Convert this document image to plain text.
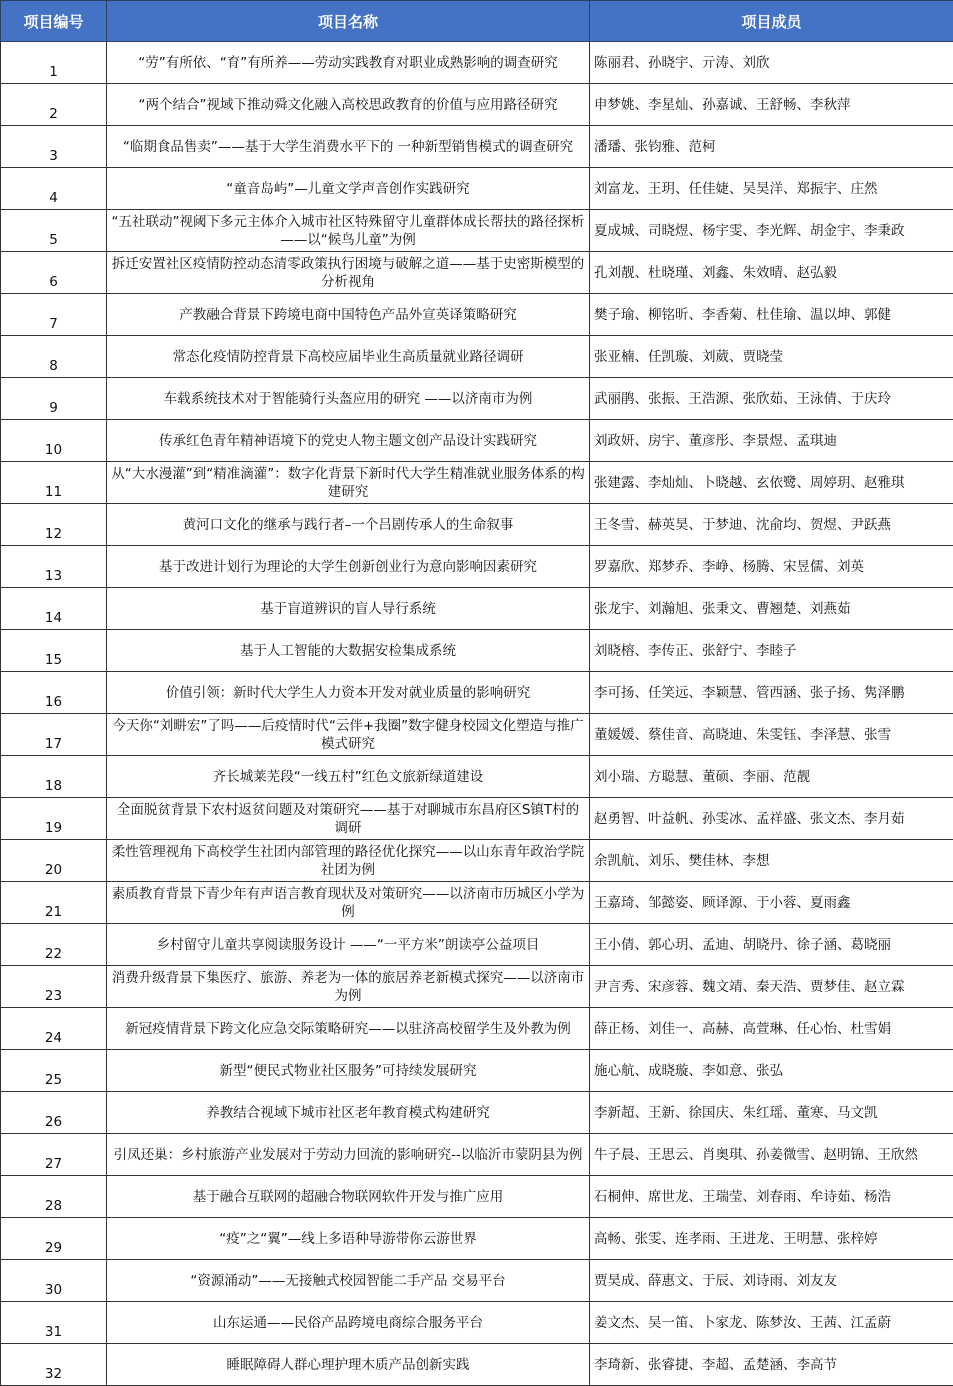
项目编号	项目名称	项目成员
1	“劳”有所依、“育”有所养——劳动实践教育对职业成熟影响的调查研究	陈丽君、孙晓宇、亓涛、刘欣
2	“两个结合”视域下推动舜文化融入高校思政教育的价值与应用路径研究	申梦姚、李星灿、孙嘉诚、王舒畅、李秋萍
3	“临期食品售卖”——基于大学生消费水平下的 一种新型销售模式的调查研究	潘璠、张钧雅、范柯
4	“童音岛屿”—儿童文学声音创作实践研究	刘富龙、王玥、任佳婕、吴昊洋、郑振宇、庄然
5	“五社联动”视阈下多元主体介入城市社区特殊留守儿童群体成长帮扶的路径探析——以“候鸟儿童”为例	夏成城、司晓煜、杨宇雯、李光辉、胡金宇、李秉政
6	拆迁安置社区疫情防控动态清零政策执行困境与破解之道——基于史密斯模型的分析视角	孔刘靓、杜晓瑾、刘鑫、朱效晴、赵弘毅
7	产教融合背景下跨境电商中国特色产品外宣英译策略研究	樊子瑜、柳铭昕、李香菊、杜佳瑜、温以坤、郭健
8	常态化疫情防控背景下高校应届毕业生高质量就业路径调研	张亚楠、任凯璇、刘葳、贾晓莹
9	车载系统技术对于智能骑行头盔应用的研究 ——以济南市为例	武丽鹃、张振、王浩源、张欣茹、王泳倩、于庆玲
10	传承红色青年精神语境下的党史人物主题文创产品设计实践研究	刘政妍、房宇、董彦彤、李景煜、孟琪迪
11	从“大水漫灌”到“精准滴灌”：数字化背景下新时代大学生精准就业服务体系的构建研究	张建露、李灿灿、卜晓越、玄依鹭、周婷玥、赵雅琪
12	黄河口文化的继承与践行者–一个吕剧传承人的生命叙事	王冬雪、赫英昊、于梦迪、沈俞均、贺煜、尹跃燕
13	基于改进计划行为理论的大学生创新创业行为意向影响因素研究	罗嘉欣、郑梦乔、李峥、杨腾、宋昱儒、刘英
14	基于盲道辨识的盲人导行系统	张龙宇、刘瀚旭、张秉文、曹翘楚、刘燕茹
15	基于人工智能的大数据安检集成系统	刘晓榕、李传正、张舒宁、李睦子
16	价值引领：新时代大学生人力资本开发对就业质量的影响研究	李可扬、任笑远、李颖慧、管西涵、张子扬、隽泽鹏
17	今天你“刘畊宏”了吗——后疫情时代“云伴+我圈”数字健身校园文化塑造与推广模式研究	董媛媛、蔡佳音、高晓迪、朱雯钰、李泽慧、张雪
18	齐长城莱芜段“一线五村”红色文旅新绿道建设	刘小瑞、方聪慧、董硕、李丽、范靓
19	全面脱贫背景下农村返贫问题及对策研究——基于对聊城市东昌府区S镇T村的调研	赵勇智、叶益帆、孙雯冰、孟祥盛、张文杰、李月茹
20	柔性管理视角下高校学生社团内部管理的路径优化探究——以山东青年政治学院社团为例	余凯航、刘乐、樊佳林、李想
21	素质教育背景下青少年有声语言教育现状及对策研究——以济南市历城区小学为例	王嘉琦、邹懿姿、顾译源、于小蓉、夏雨鑫
22	乡村留守儿童共享阅读服务设计 ——“一平方米”朗读亭公益项目	王小倩、郭心玥、孟迪、胡晓丹、徐子涵、葛晓丽
23	消费升级背景下集医疗、旅游、养老为一体的旅居养老新模式探究——以济南市为例	尹言秀、宋彦蓉、魏文靖、秦天浩、贾梦佳、赵立霖
24	新冠疫情背景下跨文化应急交际策略研究——以驻济高校留学生及外教为例	薛正杨、刘佳一、高赫、高萱琳、任心怡、杜雪娟
25	新型“便民式物业社区服务”可持续发展研究	施心航、成晓璇、李如意、张弘
26	养教结合视域下城市社区老年教育模式构建研究	李新超、王新、徐国庆、朱红瑶、董寒、马文凯
27	引凤还巢：乡村旅游产业发展对于劳动力回流的影响研究--以临沂市蒙阴县为例	牛子晨、王思云、肖奥琪、孙姜微雪、赵明锦、王欣然
28	基于融合互联网的超融合物联网软件开发与推广应用	石桐伸、席世龙、王瑞莹、刘春雨、牟诗茹、杨浩
29	“疫”之“翼”—线上多语种导游带你云游世界	高畅、张雯、连孝雨、王进龙、王明慧、张梓婷
30	“资源涌动”——无接触式校园智能二手产品 交易平台	贾昊成、薛惠文、于辰、刘诗雨、刘友友
31	山东运通——民俗产品跨境电商综合服务平台	姜文杰、吴一笛、卜家龙、陈梦汝、王茜、江孟蔚
32	睡眠障碍人群心理护理木质产品创新实践	李琦新、张睿捷、李超、孟楚涵、李高节
